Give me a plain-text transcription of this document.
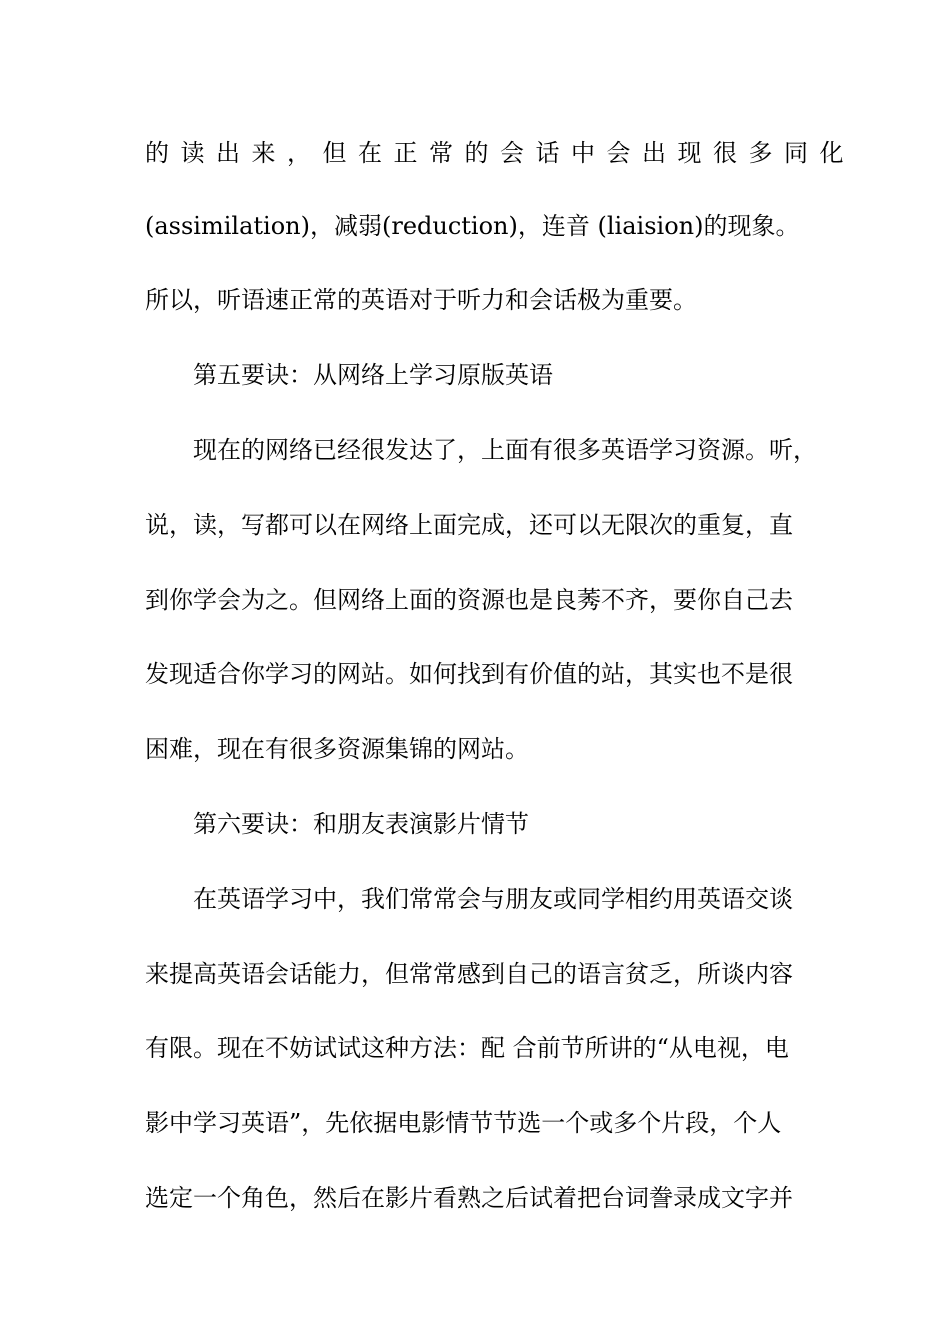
的读出来，但在正常的会话中会出现很多同化
(assimilation)，减弱(reduction)，连音 (liaision)的现象。
所以，听语速正常的英语对于听力和会话极为重要。
第五要诀：从网络上学习原版英语
现在的网络已经很发达了，上面有很多英语学习资源。听，
说，读，写都可以在网络上面完成，还可以无限次的重复，直
到你学会为之。但网络上面的资源也是良莠不齐，要你自己去
发现适合你学习的网站。如何找到有价值的站，其实也不是很
困难，现在有很多资源集锦的网站。
第六要诀：和朋友表演影片情节
在英语学习中，我们常常会与朋友或同学相约用英语交谈
来提高英语会话能力，但常常感到自己的语言贫乏，所谈内容
有限。现在不妨试试这种方法：配 合前节所讲的“从电视，电
影中学习英语”，先依据电影情节节选一个或多个片段，个人
选定一个角色，然后在影片看熟之后试着把台词誊录成文字并
